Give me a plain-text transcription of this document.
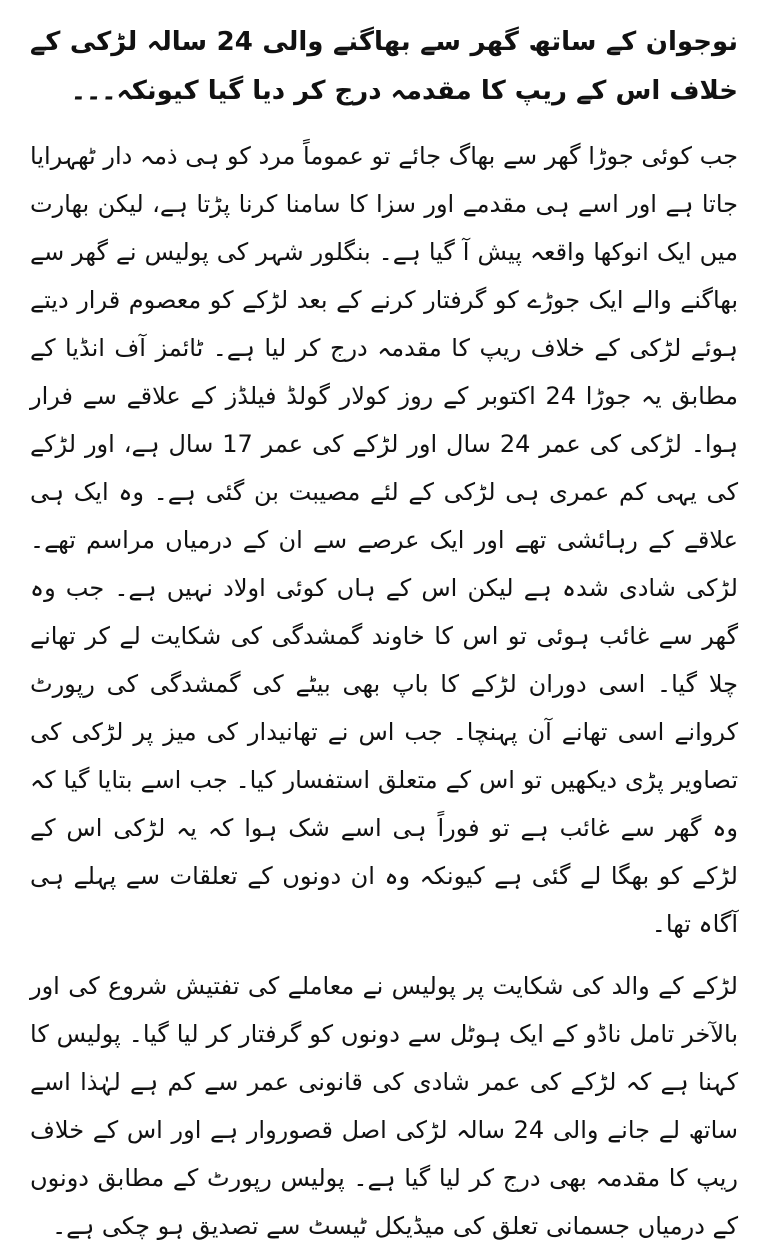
نوجوان کے ساتھ گھر سے بھاگنے والی 24 سالہ لڑکی کے خلاف اس کے ریپ کا مقدمہ درج کر دیا گیا کیونکہ۔۔۔

جب کوئی جوڑا گھر سے بھاگ جائے تو عموماً مرد کو ہی ذمہ دار ٹھہرایا جاتا ہے اور اسے ہی مقدمے اور سزا کا سامنا کرنا پڑتا ہے، لیکن بھارت میں ایک انوکھا واقعہ پیش آ گیا ہے۔ بنگلور شہر کی پولیس نے گھر سے بھاگنے والے ایک جوڑے کو گرفتار کرنے کے بعد لڑکے کو معصوم قرار دیتے ہوئے لڑکی کے خلاف ریپ کا مقدمہ درج کر لیا ہے۔ ٹائمز آف انڈیا کے مطابق یہ جوڑا 24 اکتوبر کے روز کولار گولڈ فیلڈز کے علاقے سے فرار ہوا۔ لڑکی کی عمر 24 سال اور لڑکے کی عمر 17 سال ہے، اور لڑکے کی یہی کم عمری ہی لڑکی کے لئے مصیبت بن گئی ہے۔ وہ ایک ہی علاقے کے رہائشی تھے اور ایک عرصے سے ان کے درمیاں مراسم تھے۔ لڑکی شادی شدہ ہے لیکن اس کے ہاں کوئی اولاد نہیں ہے۔ جب وہ گھر سے غائب ہوئی تو اس کا خاوند گمشدگی کی شکایت لے کر تھانے چلا گیا۔ اسی دوران لڑکے کا باپ بھی بیٹے کی گمشدگی کی رپورٹ کروانے اسی تھانے آن پہنچا۔ جب اس نے تھانیدار کی میز پر لڑکی کی تصاویر پڑی دیکھیں تو اس کے متعلق استفسار کیا۔ جب اسے بتایا گیا کہ وہ گھر سے غائب ہے تو فوراً ہی اسے شک ہوا کہ یہ لڑکی اس کے لڑکے کو بھگا لے گئی ہے کیونکہ وہ ان دونوں کے تعلقات سے پہلے ہی آگاہ تھا۔

لڑکے کے والد کی شکایت پر پولیس نے معاملے کی تفتیش شروع کی اور بالآخر تامل ناڈو کے ایک ہوٹل سے دونوں کو گرفتار کر لیا گیا۔ پولیس کا کہنا ہے کہ لڑکے کی عمر شادی کی قانونی عمر سے کم ہے لہٰذا اسے ساتھ لے جانے والی 24 سالہ لڑکی اصل قصوروار ہے اور اس کے خلاف ریپ کا مقدمہ بھی درج کر لیا گیا ہے۔ پولیس رپورٹ کے مطابق دونوں کے درمیاں جسمانی تعلق کی میڈیکل ٹیسٹ سے تصدیق ہو چکی ہے۔
